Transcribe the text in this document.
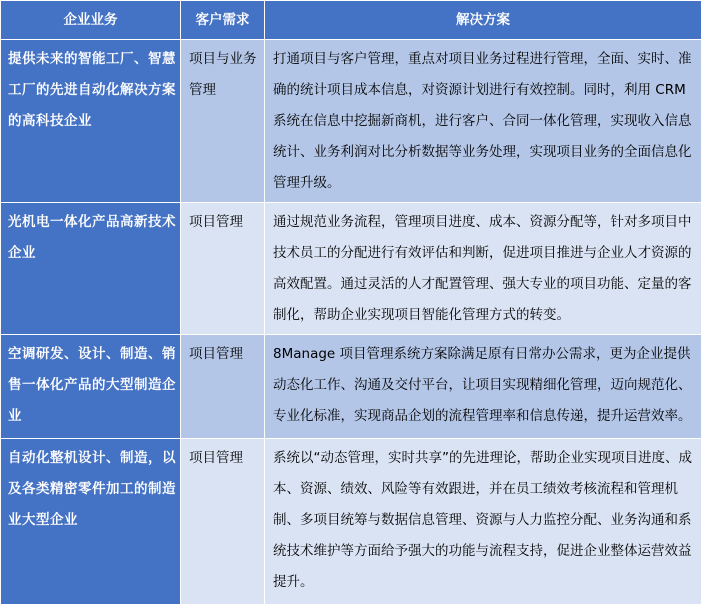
企业业务	客户需求	解决方案
提供未来的智能工厂、智慧工厂的先进自动化解决方案的高科技企业	项目与业务管理	打通项目与客户管理，重点对项目业务过程进行管理，全面、实时、准确的统计项目成本信息，对资源计划进行有效控制。同时，利用 CRM 系统在信息中挖掘新商机，进行客户、合同一体化管理，实现收入信息统计、业务利润对比分析数据等业务处理，实现项目业务的全面信息化管理升级。
光机电一体化产品高新技术企业	项目管理	通过规范业务流程，管理项目进度、成本、资源分配等，针对多项目中技术员工的分配进行有效评估和判断，促进项目推进与企业人才资源的高效配置。通过灵活的人才配置管理、强大专业的项目功能、定量的客制化，帮助企业实现项目智能化管理方式的转变。
空调研发、设计、制造、销售一体化产品的大型制造企业	项目管理	8Manage 项目管理系统方案除满足原有日常办公需求，更为企业提供动态化工作、沟通及交付平台，让项目实现精细化管理，迈向规范化、专业化标准，实现商品企划的流程管理率和信息传递，提升运营效率。
自动化整机设计、制造，以及各类精密零件加工的制造业大型企业	项目管理	系统以“动态管理，实时共享”的先进理论，帮助企业实现项目进度、成本、资源、绩效、风险等有效跟进，并在员工绩效考核流程和管理机制、多项目统筹与数据信息管理、资源与人力监控分配、业务沟通和系统技术维护等方面给予强大的功能与流程支持，促进企业整体运营效益提升。
